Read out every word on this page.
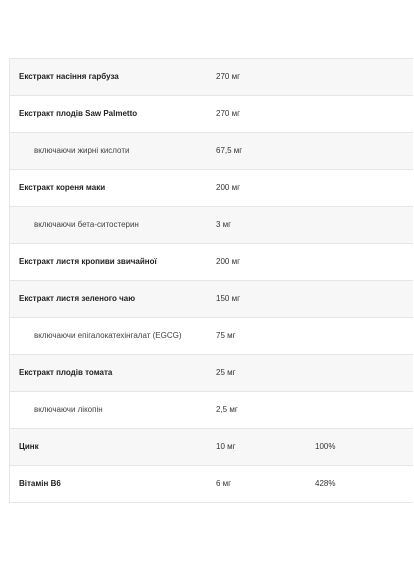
Екстракт насіння гарбуза	270 мг
Екстракт плодів Saw Palmetto	270 мг
включаючи жирні кислоти	67,5 мг
Екстракт кореня маки	200 мг
включаючи бета-ситостерин	3 мг
Екстракт листя кропиви звичайної	200 мг
Екстракт листя зеленого чаю	150 мг
включаючи епігалокатехінгалат (EGCG)	75 мг
Екстракт плодів томата	25 мг
включаючи лікопін	2,5 мг
Цинк	10 мг	100%
Вітамін B6	6 мг	428%
